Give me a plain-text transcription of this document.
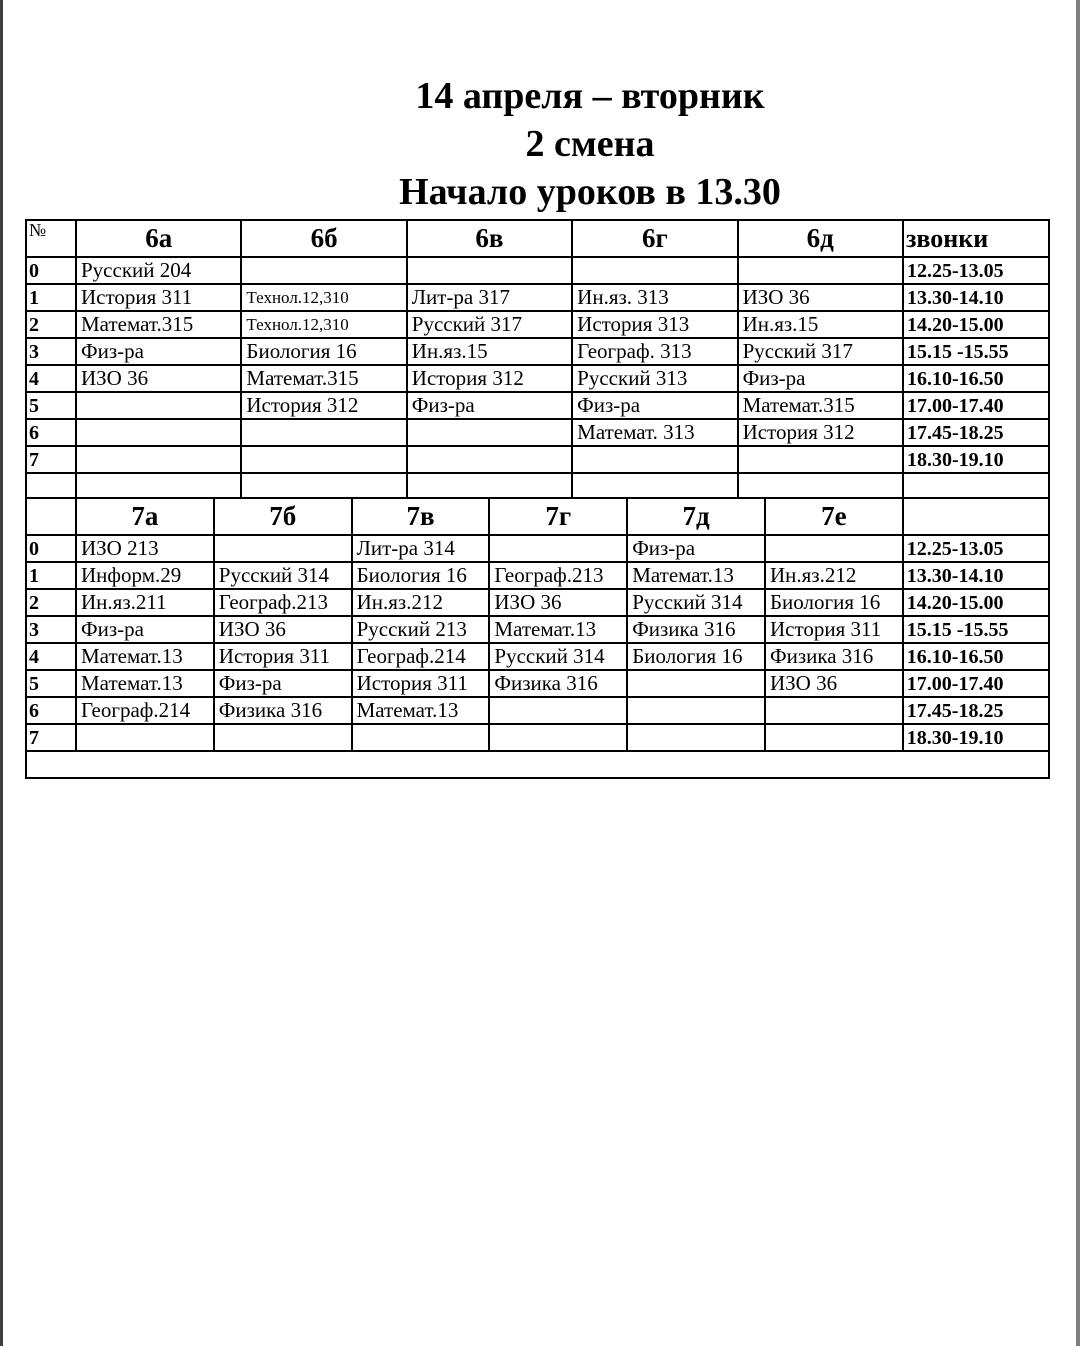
14 апреля – вторник
2 смена
Начало уроков в 13.30
№	6а	6б	6в	6г	6д	звонки
0	Русский 204					12.25-13.05
1	История 311	Технол.12,310	Лит-ра 317	Ин.яз. 313	ИЗО 36	13.30-14.10
2	Математ.315	Технол.12,310	Русский 317	История 313	Ин.яз.15	14.20-15.00
3	Физ-ра	Биология 16	Ин.яз.15	Географ. 313	Русский 317	15.15 -15.55
4	ИЗО 36	Математ.315	История 312	Русский 313	Физ-ра	16.10-16.50
5		История 312	Физ-ра	Физ-ра	Математ.315	17.00-17.40
6				Математ. 313	История 312	17.45-18.25
7						18.30-19.10

	7а	7б	7в	7г	7д	7е	
0	ИЗО 213		Лит-ра 314		Физ-ра		12.25-13.05
1	Информ.29	Русский 314	Биология 16	Географ.213	Математ.13	Ин.яз.212	13.30-14.10
2	Ин.яз.211	Географ.213	Ин.яз.212	ИЗО 36	Русский 314	Биология 16	14.20-15.00
3	Физ-ра	ИЗО 36	Русский 213	Математ.13	Физика 316	История 311	15.15 -15.55
4	Математ.13	История 311	Географ.214	Русский 314	Биология 16	Физика 316	16.10-16.50
5	Математ.13	Физ-ра	История 311	Физика 316		ИЗО 36	17.00-17.40
6	Географ.214	Физика 316	Математ.13				17.45-18.25
7							18.30-19.10
